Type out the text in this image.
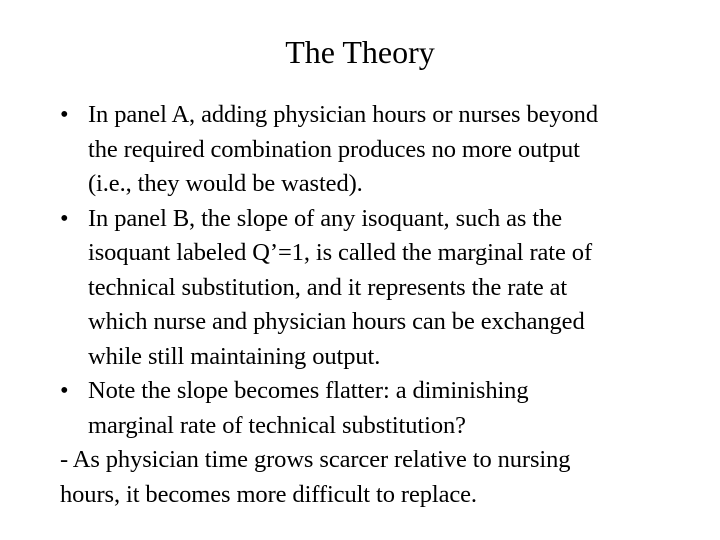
The Theory
• In panel A, adding physician hours or nurses beyond
the required combination produces no more output
(i.e., they would be wasted).
• In panel B, the slope of any isoquant, such as the
isoquant labeled Q’=1, is called the marginal rate of
technical substitution, and it represents the rate at
which nurse and physician hours can be exchanged
while still maintaining output.
• Note the slope becomes flatter: a diminishing
marginal rate of technical substitution?
- As physician time grows scarcer relative to nursing
hours, it becomes more difficult to replace.
